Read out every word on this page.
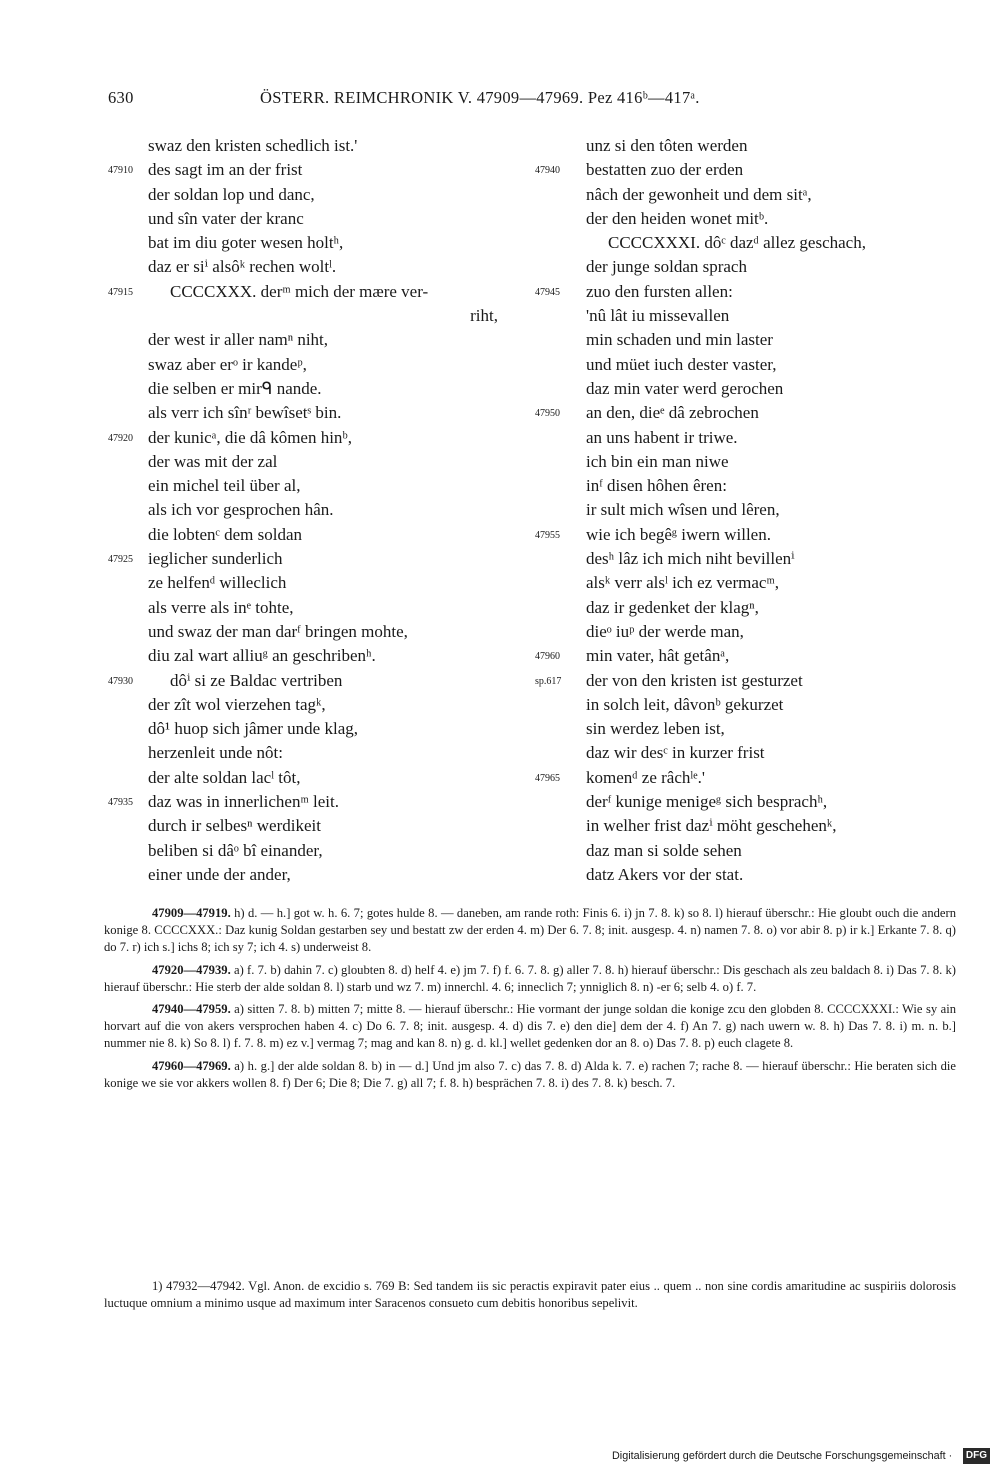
630	ÖSTERR. REIMCHRONIK V. 47909—47969. Pez 416ᵇ—417ᵃ.
swaz den kristen schedlich ist.'
47910 des sagt im an der frist
der soldan lop und danc,
und sîn vater der kranc
bat im diu goter wesen holtʰ,
daz er siⁱ alsôᵏ rechen woltˡ.
47915 CCCCXXX. derᵐ mich der mære ver-
riht,
der west ir aller namⁿ niht,
swaz aber erᵒ ir kandeᵖ,
die selben er mirᑫ nande.
als verr ich sînʳ bewîsetˢ bin.
47920 der kunicᵃ, die dâ kômen hinᵇ,
der was mit der zal
ein michel teil über al,
als ich vor gesprochen hân.
die lobtenᶜ dem soldan
47925 ieglicher sunderlich
ze helfenᵈ willeclich
als verre als inᵉ tohte,
und swaz der man darᶠ bringen mohte,
diu zal wart alliuᵍ an geschribenʰ.
47930 dôⁱ si ze Baldac vertriben
der zît wol vierzehen tagᵏ,
dô¹ huop sich jâmer unde klag,
herzenleit unde nôt:
der alte soldan lacˡ tôt,
47935 daz was in innerlichenᵐ leit.
durch ir selbesⁿ werdikeit
beliben si dâᵒ bî einander,
einer unde der ander,
unz si den tôten werden
47940 bestatten zuo der erden
nâch der gewonheit und dem sitᵃ,
der den heiden wonet mitᵇ.
CCCCXXXI. dôᶜ dazᵈ allez geschach,
der junge soldan sprach
47945 zuo den fursten allen:
'nû lât iu missevallen
min schaden und min laster
und müet iuch dester vaster,
daz min vater werd gerochen
47950 an den, dieᵉ dâ zebrochen
an uns habent ir triwe.
ich bin ein man niwe
inᶠ disen hôhen êren:
ir sult mich wîsen und lêren,
47955 wie ich begêᵍ iwern willen.
desʰ lâz ich mich niht bevillenⁱ
alsᵏ verr alsˡ ich ez vermacᵐ,
daz ir gedenket der klagⁿ,
dieᵒ iuᵖ der werde man,
47960 min vater, hât getânᵃ,
sp.617 der von den kristen ist gesturzet
in solch leit, dâvonᵇ gekurzet
sin werdez leben ist,
daz wir desᶜ in kurzer frist
47965 komenᵈ ze râchˡᵉ.'
derᶠ kunige menigeᵍ sich besprachʰ,
in welher frist dazⁱ möht geschehenᵏ,
daz man si solde sehen
datz Akers vor der stat.

47909—47919. h) d. — h.] got w. h. 6. 7; gotes hulde 8. — daneben, am rande roth: Finis 6. i) jn 7. 8. k) so 8. l) hierauf überschr.: Hie gloubt ouch die andern konige 8. CCCCXXX.: Daz kunig Soldan gestarben sey und bestatt zw der erden 4. m) Der 6. 7. 8; init. ausgesp. 4. n) namen 7. 8. o) vor abir 8. p) ir k.] Erkante 7. 8. q) do 7. r) ich s.] ichs 8; ich sy 7; ich 4. s) underweist 8.

47920—47939. a) f. 7. b) dahin 7. c) gloubten 8. d) helf 4. e) jm 7. f) f. 6. 7. 8. g) aller 7. 8. h) hierauf überschr.: Dis geschach als zeu baldach 8. i) Das 7. 8. k) hierauf überschr.: Hie sterb der alde soldan 8. l) starb und wz 7. m) innerchl. 4. 6; inneclich 7; ynniglich 8. n) -er 6; selb 4. o) f. 7.

47940—47959. a) sitten 7. 8. b) mitten 7; mitte 8. — hierauf überschr.: Hie vormant der junge soldan die konige zcu den globden 8. CCCCXXXI.: Wie sy ain horvart auf die von akers versprochen haben 4. c) Do 6. 7. 8; init. ausgesp. 4. d) dis 7. e) den die] dem der 4. f) An 7. g) nach uwern w. 8. h) Das 7. 8. i) m. n. b.] nummer nie 8. k) So 8. l) f. 7. 8. m) ez v.] vermag 7; mag and kan 8. n) g. d. kl.] wellet gedenken dor an 8. o) Das 7. 8. p) euch clagete 8.

47960—47969. a) h. g.] der alde soldan 8. b) in — d.] Und jm also 7. c) das 7. 8. d) Alda k. 7. e) rachen 7; rache 8. — hierauf überschr.: Hie beraten sich die konige we sie vor akkers wollen 8. f) Der 6; Die 8; Die 7. g) all 7; f. 8. h) besprächen 7. 8. i) des 7. 8. k) besch. 7.

1) 47932—47942. Vgl. Anon. de excidio s. 769 B: Sed tandem iis sic peractis expiravit pater eius .. quem .. non sine cordis amaritudine ac suspiriis dolorosis luctuque omnium a minimo usque ad maximum inter Saracenos consueto cum debitis honoribus sepelivit.

Digitalisierung gefördert durch die Deutsche Forschungsgemeinschaft ·	DFG
